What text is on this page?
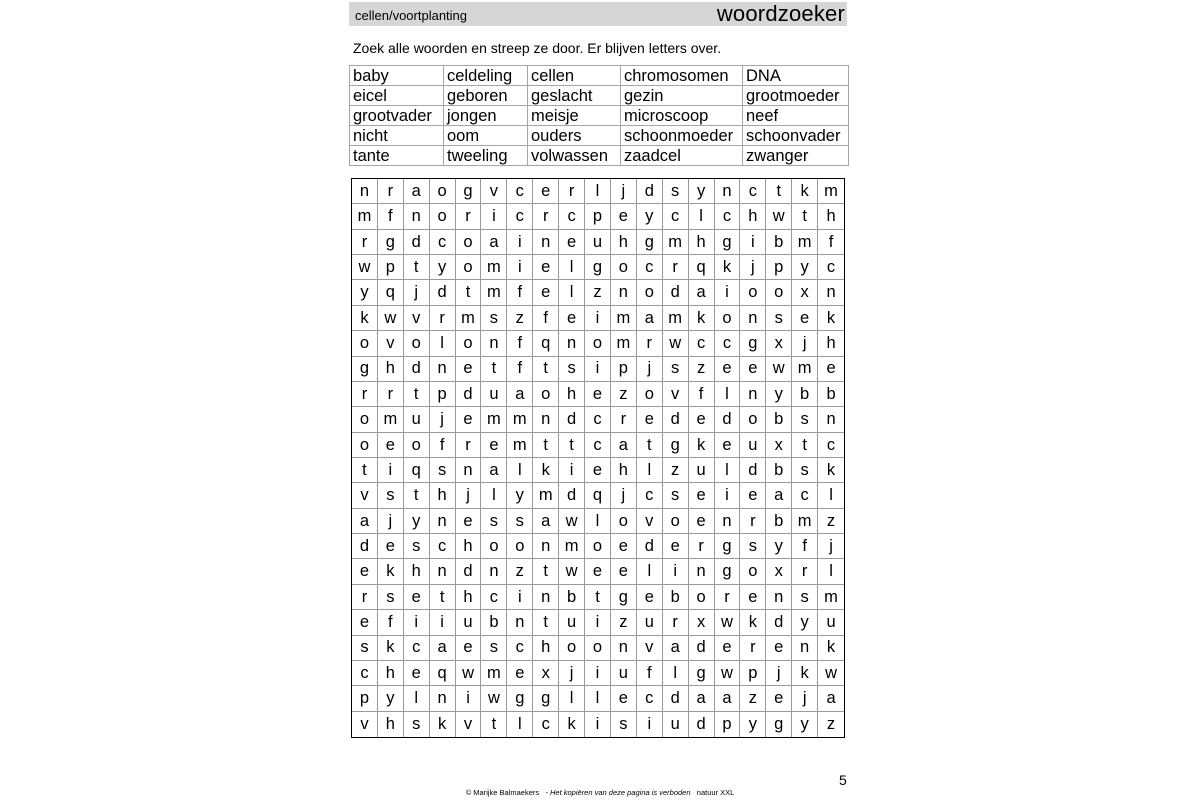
cellen/voortplanting	woordzoeker
Zoek alle woorden en streep ze door. Er blijven letters over.
baby	celdeling	cellen	chromosomen	DNA
eicel	geboren	geslacht	gezin	grootmoeder
grootvader	jongen	meisje	microscoop	neef
nicht	oom	ouders	schoonmoeder	schoonvader
tante	tweeling	volwassen	zaadcel	zwanger
n	r	a	o	g	v	c	e	r	l	j	d	s	y	n	c	t	k m
m	f	n	o	r	i	c	r	c	p	e	y	c	l	c	h w	t	h
r	g	d	c	o	a	i	n	e	u	h	g m h	g	i	b m	f
w p	t	y	o m	i	e	l	g	o	c	r	q	k	j	p	y	c
y	q	j	d	t	m	f	e	l	z	n	o	d	a	i	o	o	x	n
k w v	r m s	z	f	e	i	m a m k	o	n	s	e	k
o	v	o	l	o	n	f	q	n	o m r	w c	c	g	x	j	h
g	h	d	n	e	t	f	t	s	i	p	j	s	z	e	e w m e
r	r	t	p	d	u	a	o	h	e	z	o	v	f	l	n	y	b	b
o m u	j	e m m n	d	c	r	e	d	e	d	o	b	s	n
o	e	o	f	r	e m	t	t	c	a	t	g	k	e	u	x	t	c
t	i	q	s	n	a	l	k	i	e	h	l	z	u	l	d	b	s	k
v	s	t	h	j	l	y m d	q	j	c	s	e	i	e	a	c	l
a	j	y	n	e	s	s	a w	l	o	v	o	e	n	r	b m z
d	e	s	c	h	o	o	n m o	e	d	e	r	g	s	y	f	j
e	k	h	n	d	n	z	t	w e	e	l	i	n	g	o	x	r	l
r	s	e	t	h	c	i	n	b	t	g	e	b	o	r	e	n	s m
e	f	i	i	u	b	n	t	u	i	z	u	r	x w k	d	y	u
s	k	c	a	e	s	c	h	o	o	n	v	a	d	e	r	e	n	k
c	h	e	q w m e	x	j	i	u	f	l	g w p	j	k w
p	y	l	n	i	w g	g	l	l	e	c	d	a	a	z	e	j	a
v	h	s	k	v	t	l	c	k	i	s	i	u	d	p	y	g	y	z
5
© Marijke Balmaekers - Het kopiëren van deze pagina is verboden natuur XXL
